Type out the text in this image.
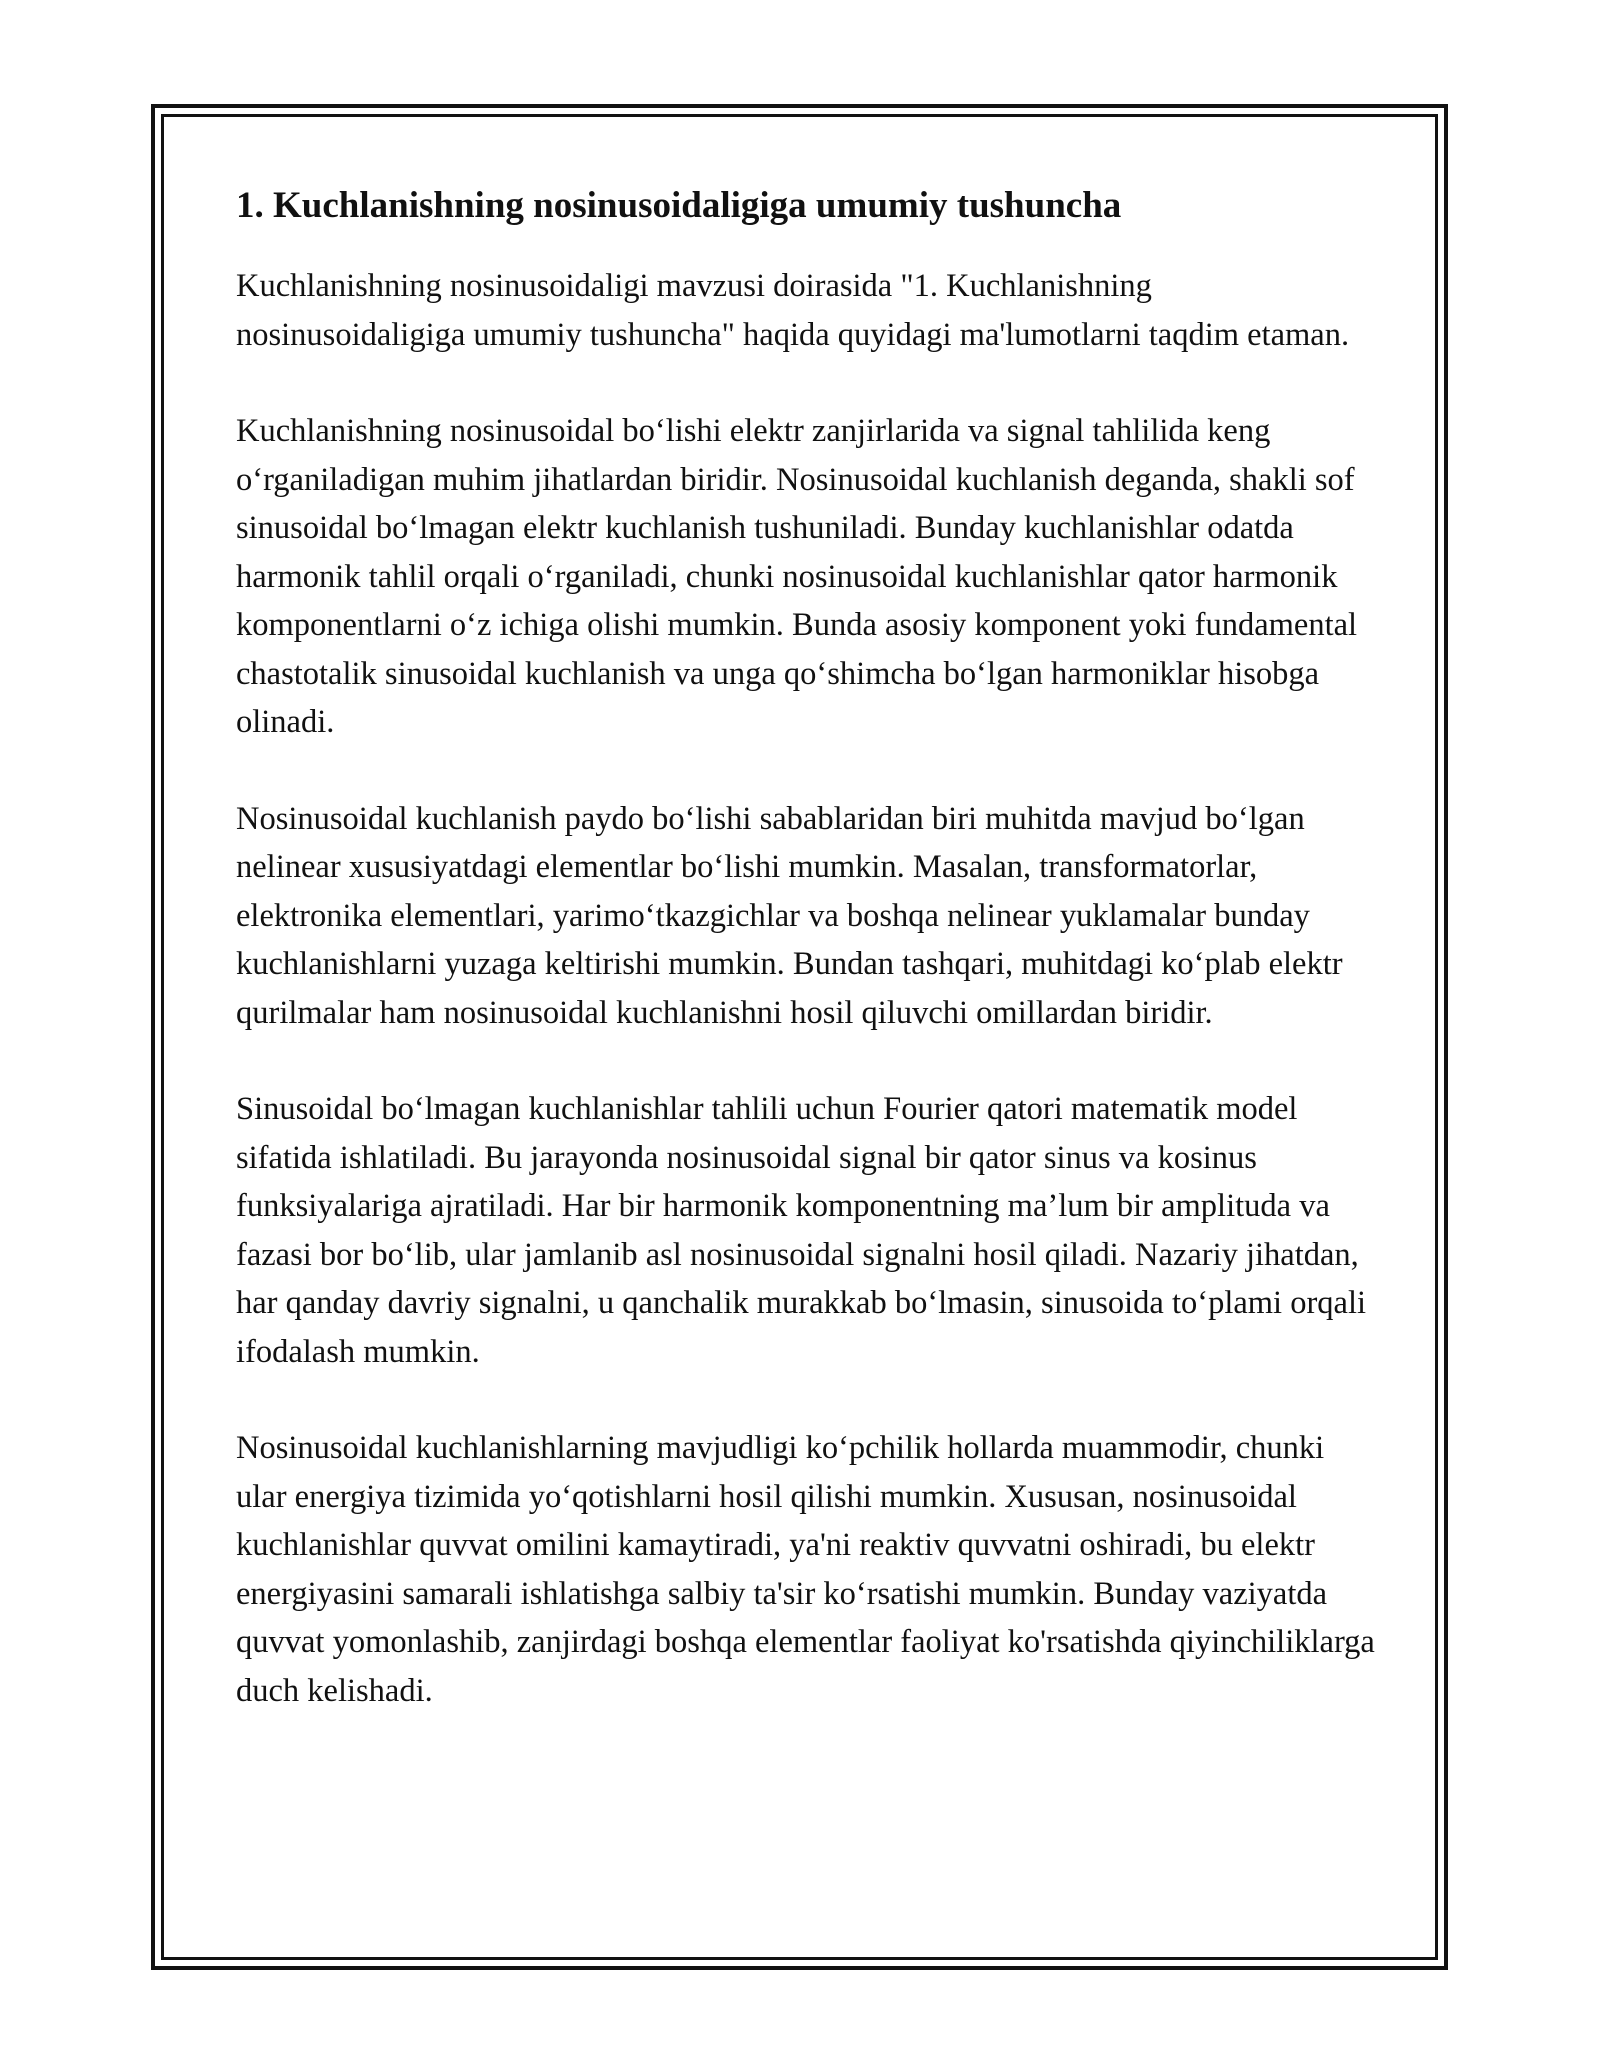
1. Kuchlanishning nosinusoidaligiga umumiy tushuncha

Kuchlanishning nosinusoidaligi mavzusi doirasida "1. Kuchlanishning nosinusoidaligiga umumiy tushuncha" haqida quyidagi ma'lumotlarni taqdim etaman.

Kuchlanishning nosinusoidal bo‘lishi elektr zanjirlarida va signal tahlilida keng o‘rganiladigan muhim jihatlardan biridir. Nosinusoidal kuchlanish deganda, shakli sof sinusoidal bo‘lmagan elektr kuchlanish tushuniladi. Bunday kuchlanishlar odatda harmonik tahlil orqali o‘rganiladi, chunki nosinusoidal kuchlanishlar qator harmonik komponentlarni o‘z ichiga olishi mumkin. Bunda asosiy komponent yoki fundamental chastotalik sinusoidal kuchlanish va unga qo‘shimcha bo‘lgan harmoniklar hisobga olinadi.

Nosinusoidal kuchlanish paydo bo‘lishi sabablaridan biri muhitda mavjud bo‘lgan nelinear xususiyatdagi elementlar bo‘lishi mumkin. Masalan, transformatorlar, elektronika elementlari, yarimo‘tkazgichlar va boshqa nelinear yuklamalar bunday kuchlanishlarni yuzaga keltirishi mumkin. Bundan tashqari, muhitdagi ko‘plab elektr qurilmalar ham nosinusoidal kuchlanishni hosil qiluvchi omillardan biridir.

Sinusoidal bo‘lmagan kuchlanishlar tahlili uchun Fourier qatori matematik model sifatida ishlatiladi. Bu jarayonda nosinusoidal signal bir qator sinus va kosinus funksiyalariga ajratiladi. Har bir harmonik komponentning ma’lum bir amplituda va fazasi bor bo‘lib, ular jamlanib asl nosinusoidal signalni hosil qiladi. Nazariy jihatdan, har qanday davriy signalni, u qanchalik murakkab bo‘lmasin, sinusoida to‘plami orqali ifodalash mumkin.

Nosinusoidal kuchlanishlarning mavjudligi ko‘pchilik hollarda muammodir, chunki ular energiya tizimida yo‘qotishlarni hosil qilishi mumkin. Xususan, nosinusoidal kuchlanishlar quvvat omilini kamaytiradi, ya'ni reaktiv quvvatni oshiradi, bu elektr energiyasini samarali ishlatishga salbiy ta'sir ko‘rsatishi mumkin. Bunday vaziyatda quvvat yomonlashib, zanjirdagi boshqa elementlar faoliyat ko'rsatishda qiyinchiliklarga duch kelishadi.
